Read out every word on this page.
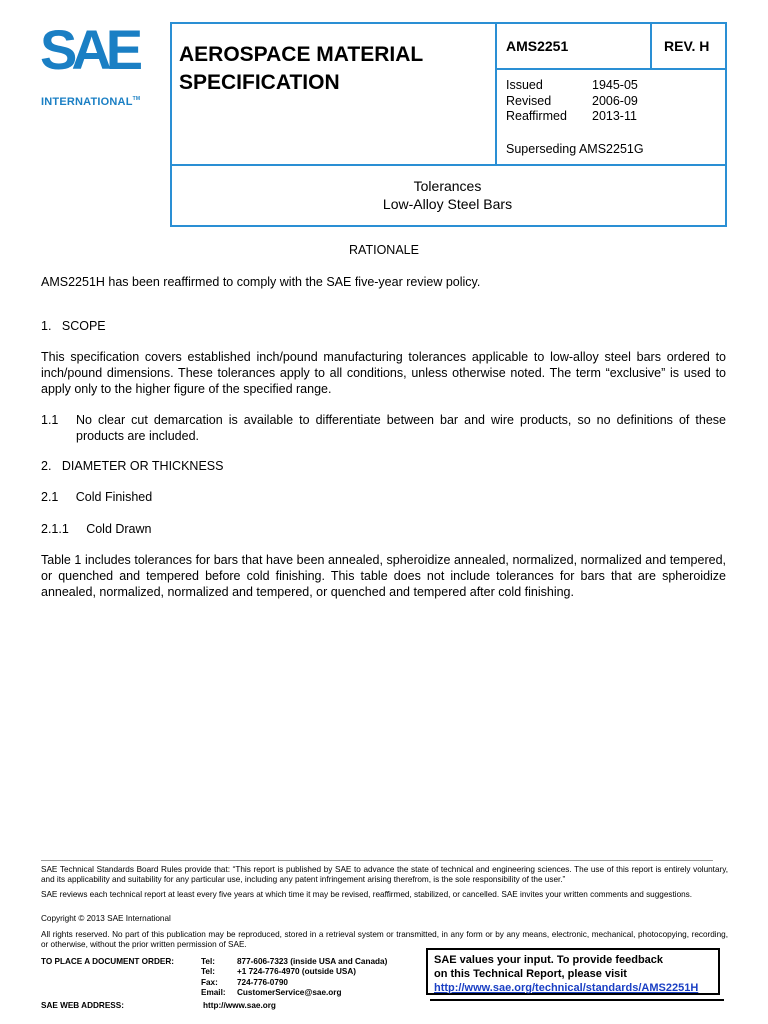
SAE
INTERNATIONAL™
AEROSPACE MATERIAL
SPECIFICATION
AMS2251	REV. H
Issued	1945-05
Revised	2006-09
Reaffirmed	2013-11
Superseding AMS2251G
Tolerances
Low-Alloy Steel Bars
RATIONALE
AMS2251H has been reaffirmed to comply with the SAE five-year review policy.
1. SCOPE
This specification covers established inch/pound manufacturing tolerances applicable to low-alloy steel bars ordered to inch/pound dimensions. These tolerances apply to all conditions, unless otherwise noted. The term “exclusive” is used to apply only to the higher figure of the specified range.
1.1 No clear cut demarcation is available to differentiate between bar and wire products, so no definitions of these products are included.
2. DIAMETER OR THICKNESS
2.1 Cold Finished
2.1.1 Cold Drawn
Table 1 includes tolerances for bars that have been annealed, spheroidize annealed, normalized, normalized and tempered, or quenched and tempered before cold finishing. This table does not include tolerances for bars that are spheroidize annealed, normalized, normalized and tempered, or quenched and tempered after cold finishing.
SAE Technical Standards Board Rules provide that: “This report is published by SAE to advance the state of technical and engineering sciences. The use of this report is entirely voluntary, and its applicability and suitability for any particular use, including any patent infringement arising therefrom, is the sole responsibility of the user.”
SAE reviews each technical report at least every five years at which time it may be revised, reaffirmed, stabilized, or cancelled. SAE invites your written comments and suggestions.
Copyright © 2013 SAE International
All rights reserved. No part of this publication may be reproduced, stored in a retrieval system or transmitted, in any form or by any means, electronic, mechanical, photocopying, recording, or otherwise, without the prior written permission of SAE.
TO PLACE A DOCUMENT ORDER:	Tel:	877-606-7323 (inside USA and Canada)
Tel:	+1 724-776-4970 (outside USA)
Fax:	724-776-0790
Email:	CustomerService@sae.org
SAE WEB ADDRESS:	http://www.sae.org
SAE values your input. To provide feedback
on this Technical Report, please visit
http://www.sae.org/technical/standards/AMS2251H
